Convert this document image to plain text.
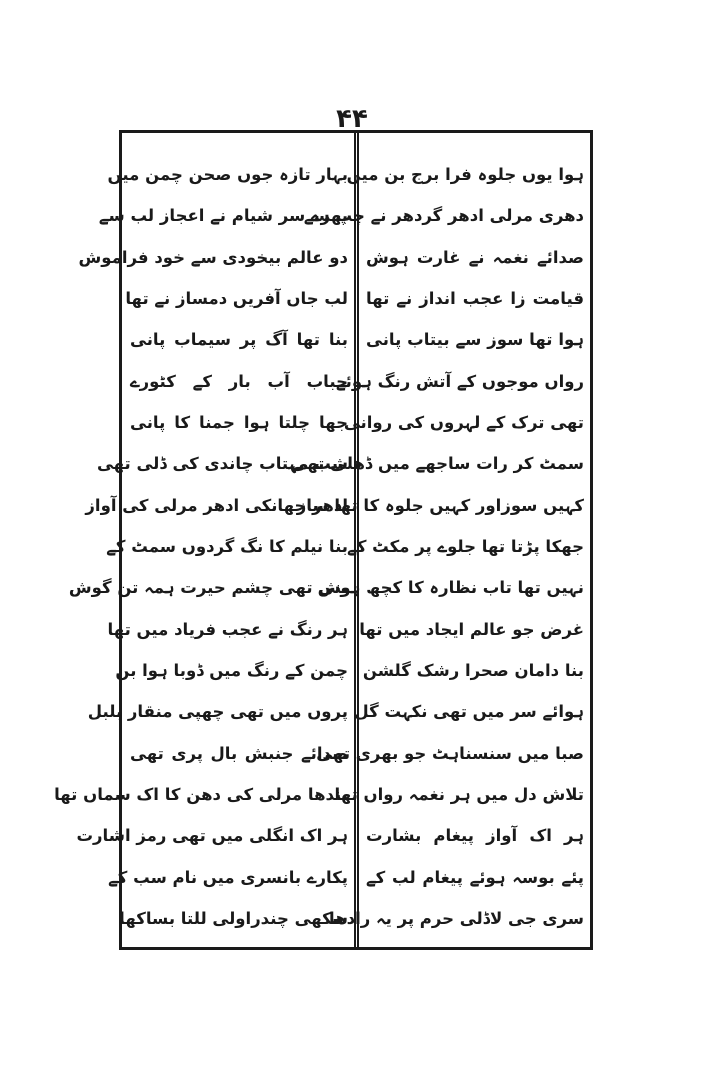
۴۴
ہوا یوں جلوہ فرا برج بن میں
دھری مرلی ادھر گردھر نے چپ سے
صدائے نغمہ نے غارت ہوش
قیامت زا عجب انداز نے تھا
ہوا تھا سوز سے بیتاب پانی
رواں موجوں کے آتش رنگ ہوئے
تھی ترک کے لہروں کی روانی
سمٹ کر رات ساجھے میں ڈھلی تھی
کہیں سوزاور کہیں جلوہ کا تھا ساز
جھکا پڑتا تھا جلوے پر مکٹ کے
نہیں تھا تاب نظارہ کا کچھ ہوش
غرض جو عالم ایجاد میں تھا
بنا دامان صحرا رشک گلشن
ہوائے سر میں تھی نکہت گل
صبا میں سنسناہٹ جو بھری تھی
تلاش دل میں ہر نغمہ رواں تھا
ہر اک آواز پیغام بشارت
پئے بوسہ ہوئے پیغام لب کے
سری جی لاڈلی حرم پر یہ رادھا
بہار تازہ جوں صحن چمن میں
بھرے سر شیام نے اعجاز لب سے
دو عالم بیخودی سے خود فراموش
لب جاں آفریں دمساز نے تھا
بنا تھا آگ پر سیماب پانی
حباب آب بار کے کٹورے
جھا چلتا ہوا جمنا کا پانی
شب مہتاب چاندی کی ڈلی تھی
ادھر جھانکی ادھر مرلی کی آواز
بنا نیلم کا نگ گردوں سمٹ کے
بنی تھی چشم حیرت ہمہ تن گوش
ہر رنگ نے عجب فریاد میں تھا
چمن کے رنگ میں ڈوبا ہوا بن
پروں میں تھی چھپی منقار بلبل
صدائے جنبش بال پری تھی
بندھا مرلی کی دھن کا اک سماں تھا
ہر اک انگلی میں تھی رمز اشارت
پکارے بانسری میں نام سب کے
سکھی چندراولی للتا بساکھا
